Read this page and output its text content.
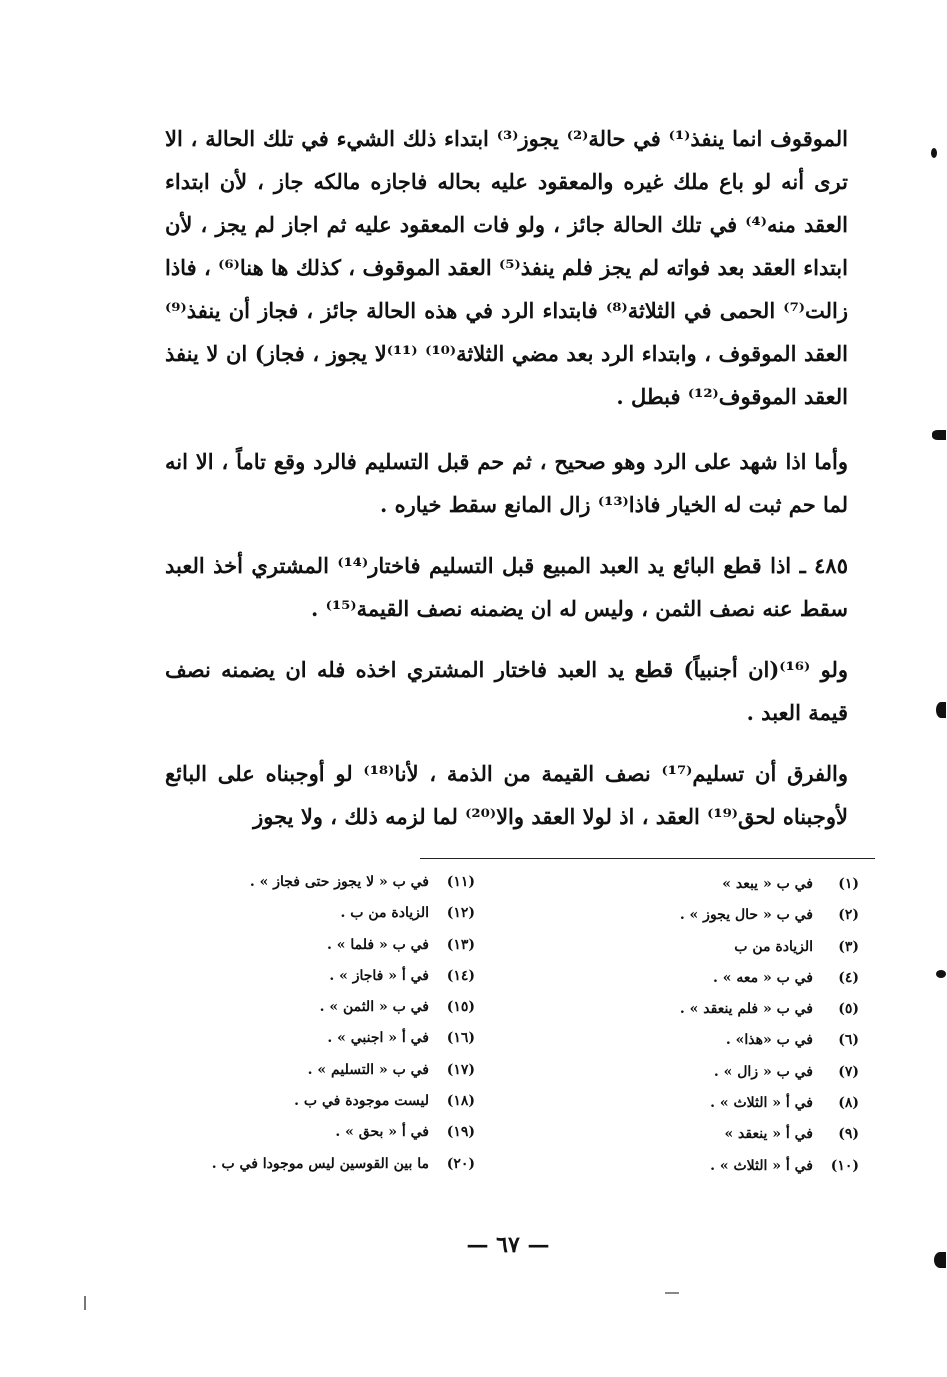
الموقوف انما ينفذ⁽¹⁾ في حالة⁽²⁾ يجوز⁽³⁾ ابتداء ذلك الشيء في تلك الحالة ، الا ترى أنه لو باع ملك غيره والمعقود عليه بحاله فاجازه مالكه جاز ، لأن ابتداء العقد منه⁽⁴⁾ في تلك الحالة جائز ، ولو فات المعقود عليه ثم اجاز لم يجز ، لأن ابتداء العقد بعد فواته لم يجز فلم ينفذ⁽⁵⁾ العقد الموقوف ، كذلك ها هنا⁽⁶⁾ ، فاذا زالت⁽⁷⁾ الحمى في الثلاثة⁽⁸⁾ فابتداء الرد في هذه الحالة جائز ، فجاز أن ينفذ⁽⁹⁾ العقد الموقوف ، وابتداء الرد بعد مضي الثلاثة⁽¹⁰⁾ ⁽¹¹⁾لا يجوز ، فجاز) ان لا ينفذ العقد الموقوف⁽¹²⁾ فبطل .

وأما اذا شهد على الرد وهو صحيح ، ثم حم قبل التسليم فالرد وقع تاماً ، الا انه لما حم ثبت له الخيار فاذا⁽¹³⁾ زال المانع سقط خياره .

٤٨٥ ـ اذا قطع البائع يد العبد المبيع قبل التسليم فاختار⁽¹⁴⁾ المشتري أخذ العبد سقط عنه نصف الثمن ، وليس له ان يضمنه نصف القيمة⁽¹⁵⁾ .

ولو ⁽¹⁶⁾(ان أجنبياً) قطع يد العبد فاختار المشتري اخذه فله ان يضمنه نصف قيمة العبد .

والفرق أن تسليم⁽¹⁷⁾ نصف القيمة من الذمة ، لأنا⁽¹⁸⁾ لو أوجبناه على البائع لأوجبناه لحق⁽¹⁹⁾ العقد ، اذ لولا العقد والا⁽²⁰⁾ لما لزمه ذلك ، ولا يجوز

(١)في ب « يبعد »
(٢)في ب « حال يجوز » .
(٣)الزيادة من ب
(٤)في ب « معه » .
(٥)في ب « فلم ينعقد » .
(٦)في ب «هذا» .
(٧)في ب « زال » .
(٨)في أ « الثلاث » .
(٩)في أ « ينعقد »
(١٠)في أ « الثلاث » .
(١١)في ب « لا يجوز حتى فجاز » .
(١٢)الزيادة من ب .
(١٣)في ب « فلما » .
(١٤)في أ « فاجاز » .
(١٥)في ب « الثمن » .
(١٦)في أ « اجنبي » .
(١٧)في ب « التسليم » .
(١٨)ليست موجودة في ب .
(١٩)في أ « بحق » .
(٢٠)ما بين القوسين ليس موجودا في ب .
— ٦٧ —
